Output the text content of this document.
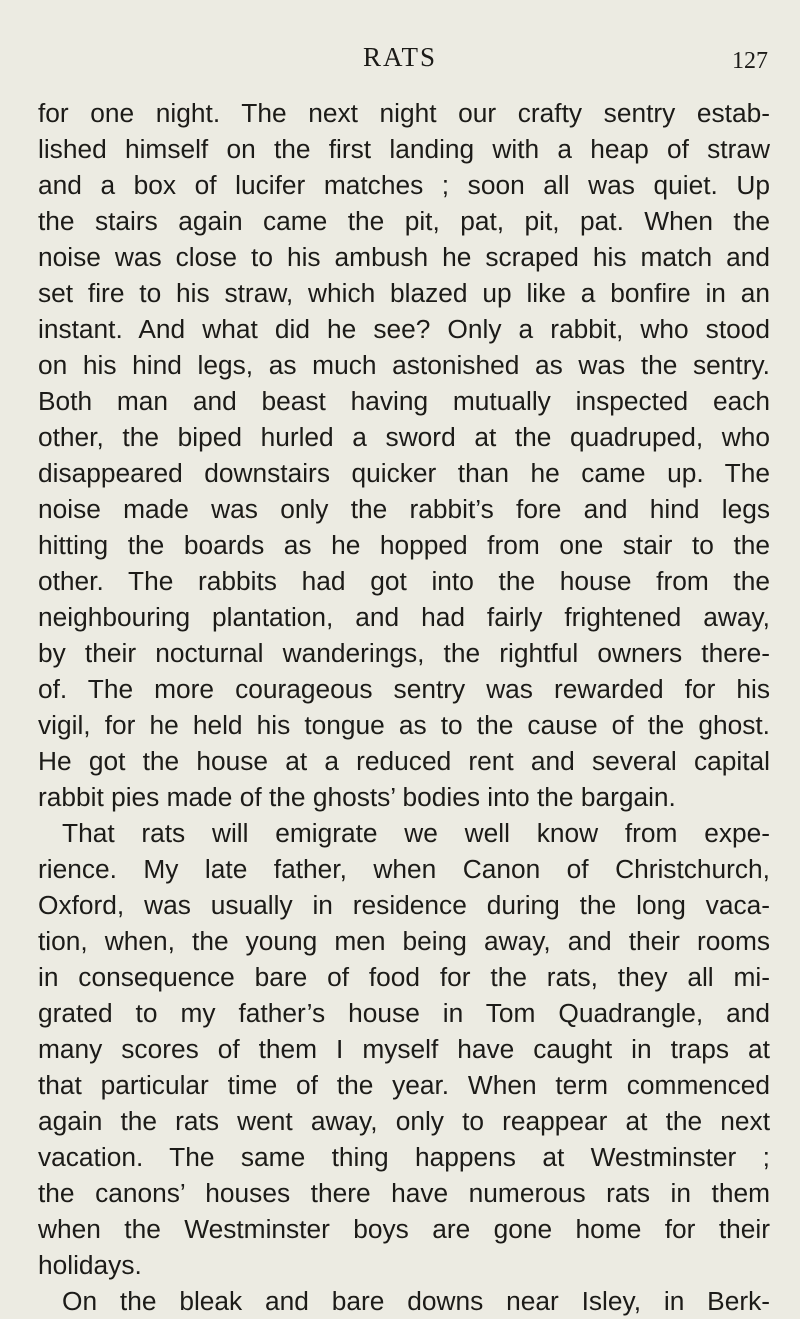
RATS	127
for one night. The next night our crafty sentry estab-
lished himself on the first landing with a heap of straw
and a box of lucifer matches ; soon all was quiet. Up
the stairs again came the pit, pat, pit, pat. When the
noise was close to his ambush he scraped his match and
set fire to his straw, which blazed up like a bonfire in an
instant. And what did he see? Only a rabbit, who stood
on his hind legs, as much astonished as was the sentry.
Both man and beast having mutually inspected each
other, the biped hurled a sword at the quadruped, who
disappeared downstairs quicker than he came up. The
noise made was only the rabbit’s fore and hind legs
hitting the boards as he hopped from one stair to the
other. The rabbits had got into the house from the
neighbouring plantation, and had fairly frightened away,
by their nocturnal wanderings, the rightful owners there-
of. The more courageous sentry was rewarded for his
vigil, for he held his tongue as to the cause of the ghost.
He got the house at a reduced rent and several capital
rabbit pies made of the ghosts’ bodies into the bargain.
That rats will emigrate we well know from expe-
rience. My late father, when Canon of Christchurch,
Oxford, was usually in residence during the long vaca-
tion, when, the young men being away, and their rooms
in consequence bare of food for the rats, they all mi-
grated to my father’s house in Tom Quadrangle, and
many scores of them I myself have caught in traps at
that particular time of the year. When term commenced
again the rats went away, only to reappear at the next
vacation. The same thing happens at Westminster ;
the canons’ houses there have numerous rats in them
when the Westminster boys are gone home for their
holidays.
On the bleak and bare downs near Isley, in Berk-
